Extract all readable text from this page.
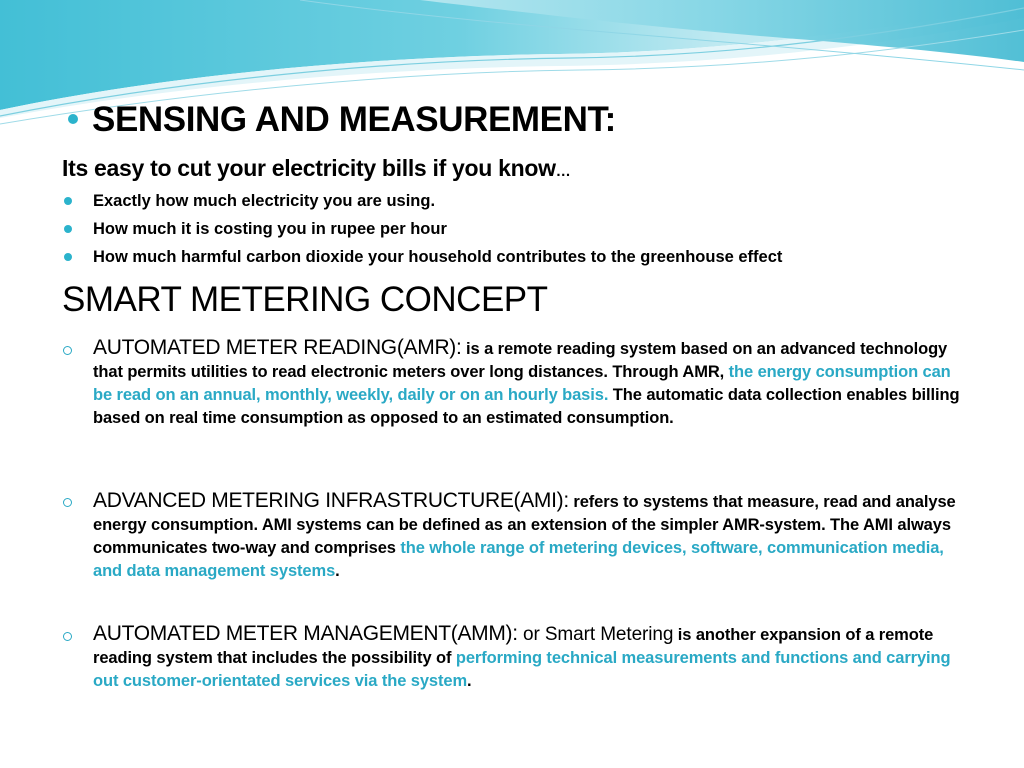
SENSING AND MEASUREMENT:
Its easy to cut your electricity bills if you know…
Exactly how much electricity you are using.
How much it is costing you in rupee per hour
How much harmful carbon dioxide your household contributes to the greenhouse effect
SMART METERING CONCEPT
AUTOMATED METER READING(AMR): is a remote reading system based on an advanced technology that permits utilities to read electronic meters over long distances. Through AMR, the energy consumption can be read on an annual, monthly, weekly, daily or on an hourly basis. The automatic data collection enables billing based on real time consumption as opposed to an estimated consumption.
ADVANCED METERING INFRASTRUCTURE(AMI): refers to systems that measure, read and analyse energy consumption. AMI systems can be defined as an extension of the simpler AMR-system. The AMI always communicates two-way and comprises the whole range of metering devices, software, communication media, and data management systems.
AUTOMATED METER MANAGEMENT(AMM): or Smart Metering is another expansion of a remote reading system that includes the possibility of performing technical measurements and functions and carrying out customer-orientated services via the system.
